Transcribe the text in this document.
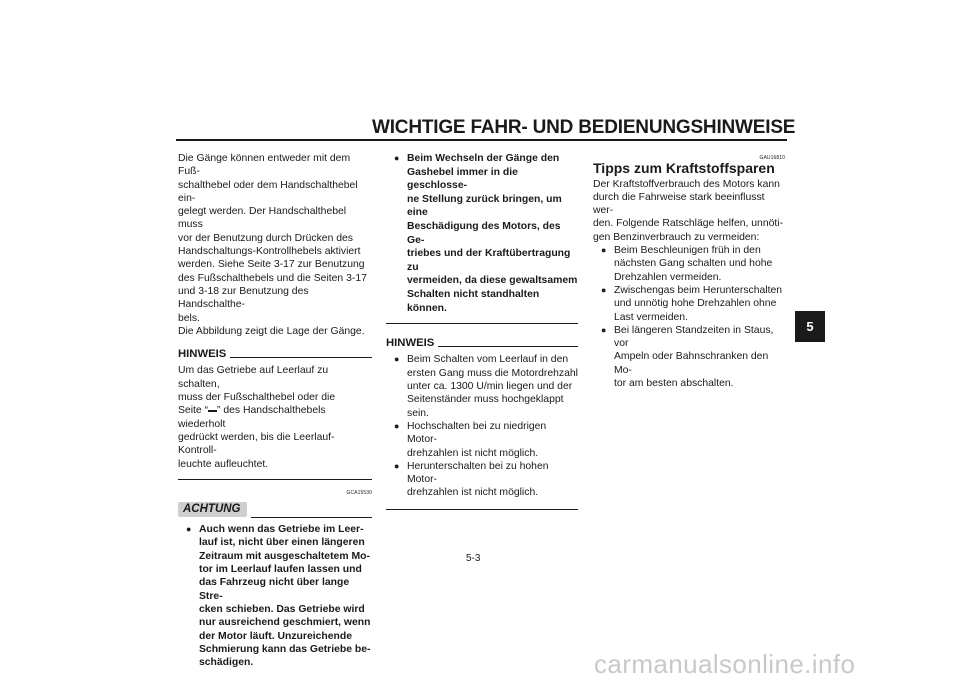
WICHTIGE FAHR- UND BEDIENUNGSHINWEISE
5

Die Gänge können entweder mit dem Fuß-

schalthebel oder dem Handschalthebel ein-

gelegt werden. Der Handschalthebel muss

vor der Benutzung durch Drücken des

Handschaltungs-Kontrollhebels aktiviert

werden. Siehe Seite 3-17 zur Benutzung

des Fußschalthebels und die Seiten 3-17

und 3-18 zur Benutzung des Handschalthe-

bels.

Die Abbildung zeigt die Lage der Gänge.

HINWEIS

Um das Getriebe auf Leerlauf zu schalten,

muss der Fußschalthebel oder die

Seite “ ” des Handschalthebels wiederholt

gedrückt werden, bis die Leerlauf-Kontroll-

leuchte aufleuchtet.

GCA15530
ACHTUNG
● Auch wenn das Getriebe im Leer-

lauf ist, nicht über einen längeren

Zeitraum mit ausgeschaltetem Mo-

tor im Leerlauf laufen lassen und

das Fahrzeug nicht über lange Stre-

cken schieben. Das Getriebe wird

nur ausreichend geschmiert, wenn

der Motor läuft. Unzureichende

Schmierung kann das Getriebe be-

schädigen.

● Beim Wechseln der Gänge den

Gashebel immer in die geschlosse-

ne Stellung zurück bringen, um eine

Beschädigung des Motors, des Ge-

triebes und der Kraftübertragung zu

vermeiden, da diese gewaltsamem

Schalten nicht standhalten können.

HINWEIS
● Beim Schalten vom Leerlauf in den

ersten Gang muss die Motordrehzahl

unter ca. 1300 U/min liegen und der

Seitenständer muss hochgeklappt

sein.

● Hochschalten bei zu niedrigen Motor-

drehzahlen ist nicht möglich.

● Herunterschalten bei zu hohen Motor-

drehzahlen ist nicht möglich.

GAU16810
Tipps zum Kraftstoffsparen

Der Kraftstoffverbrauch des Motors kann

durch die Fahrweise stark beeinflusst wer-

den. Folgende Ratschläge helfen, unnöti-

gen Benzinverbrauch zu vermeiden:

● Beim Beschleunigen früh in den

nächsten Gang schalten und hohe

Drehzahlen vermeiden.

● Zwischengas beim Herunterschalten

und unnötig hohe Drehzahlen ohne

Last vermeiden.

● Bei längeren Standzeiten in Staus, vor

Ampeln oder Bahnschranken den Mo-

tor am besten abschalten.

5-3
carmanualsonline.info
